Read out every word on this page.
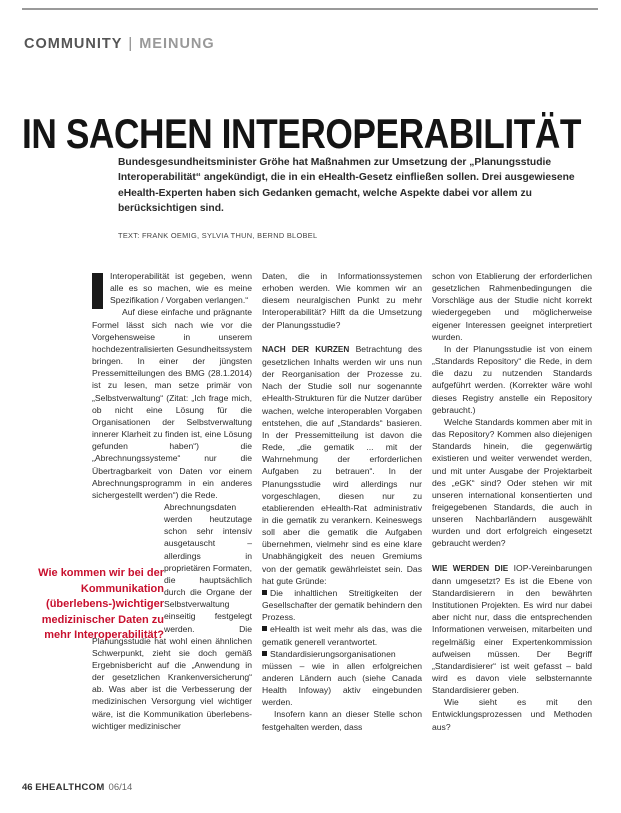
COMMUNITY | MEINUNG
IN SACHEN INTEROPERABILITÄT

Bundesgesundheitsminister Gröhe hat Maßnahmen zur Umsetzung der „Planungsstudie Interoperabilität“ angekündigt, die in ein eHealth-Gesetz einfließen sollen. Drei ausgewiesene eHealth-Experten haben sich Gedanken gemacht, welche Aspekte dabei vor allem zu berücksichtigen sind.

TEXT: FRANK OEMIG, SYLVIA THUN, BERND BLOBEL

Interoperabilität ist gegeben, wenn alle es so machen, wie es meine Spezifikation / Vorgaben verlangen.“

Auf diese einfache und prägnante Formel lässt sich nach wie vor die Vorgehensweise in unserem hochdezentralisierten Gesundheitssystem bringen. In einer der jüngsten Pressemitteilungen des BMG (28.1.2014) ist zu lesen, man setze primär von „Selbstverwaltung“ (Zitat: „Ich frage mich, ob nicht eine Lösung für die Organisationen der Selbstverwaltung innerer Klarheit zu finden ist, eine Lösung gefunden haben“) die „Abrechnungssysteme“ nur die Übertragbarkeit von Daten vor einem Abrechnungsprogramm in ein anderes sichergestellt werden“) die Rede.

Abrechnungsdaten werden heutzutage schon sehr intensiv ausgetauscht – allerdings in proprietären Formaten, die hauptsächlich durch die Organe der Selbstverwaltung einseitig festgelegt werden. Die Planungsstudie hat wohl einen ähnlichen Schwerpunkt, zieht sie doch gemäß Ergebnisbericht auf die „Anwendung in der gesetzlichen Krankenversicherung“ ab. Was aber ist die Verbesserung der medizinischen Versorgung viel wichtiger wäre, ist die Kommunikation überlebens-wichtiger medizinischer

Daten, die in Informationssystemen erhoben werden. Wie kommen wir an diesem neuralgischen Punkt zu mehr Interoperabilität? Hilft da die Umsetzung der Planungsstudie?

NACH DER KURZEN Betrachtung des gesetzlichen Inhalts werden wir uns nun der Reorganisation der Prozesse zu. Nach der Studie soll nur sogenannte eHealth-Strukturen für die Nutzer darüber wachen, welche interoperablen Vorgaben entstehen, die auf „Standards“ basieren. In der Pressemitteilung ist davon die Rede, „die gematik ... mit der Wahrnehmung der erforderlichen Aufgaben zu betrauen“. In der Planungsstudie wird allerdings nur vorgeschlagen, diesen nur zu etablierenden eHealth-Rat administrativ in die gematik zu verankern. Keineswegs soll aber die gematik die Aufgaben übernehmen, vielmehr sind es eine klare Unabhängigkeit des neuen Gremiums von der gematik gewährleistet sein. Das hat gute Gründe:

Die inhaltlichen Streitigkeiten der Gesellschafter der gematik behindern den Prozess.

eHealth ist weit mehr als das, was die gematik generell verantwortet.

Standardisierungsorganisationen müssen – wie in allen erfolgreichen anderen Ländern auch (siehe Canada Health Infoway) aktiv eingebunden werden.

Insofern kann an dieser Stelle schon festgehalten werden, dass

schon von Etablierung der erforderlichen gesetzlichen Rahmenbedingungen die Vorschläge aus der Studie nicht korrekt wiedergegeben und möglicherweise eigener Interessen geeignet interpretiert wurden.

In der Planungsstudie ist von einem „Standards Repository“ die Rede, in dem die dazu zu nutzenden Standards aufgeführt werden. (Korrekter wäre wohl dieses Registry anstelle ein Repository gebraucht.)

Welche Standards kommen aber mit in das Repository? Kommen also diejenigen Standards hinein, die gegenwärtig existieren und weiter verwendet werden, und mit unter Ausgabe der Projektarbeit des „eGK“ sind? Oder stehen wir mit unseren international konsentierten und freigegebenen Standards, die auch in unseren Nachbarländern ausgewählt wurden und dort erfolgreich eingesetzt gebraucht werden?

WIE WERDEN DIE IOP-Vereinbarungen dann umgesetzt? Es ist die Ebene von Standardisierern in den bewährten Institutionen Projekten. Es wird nur dabei aber nicht nur, dass die entsprechenden Informationen verweisen, mitarbeiten und regelmäßig einer Expertenkommission aufweisen müssen. Der Begriff „Standardisierer“ ist weit gefasst – bald wird es davon viele selbsternannte Standardisierer geben.

Wie sieht es mit den Entwicklungsprozessen und Methoden aus?

Wie kommen wir bei der Kommunikation (überlebens-)wichtiger medizinischer Daten zu mehr Interoperabilität?
46 EHEALTHCOM 06/14
